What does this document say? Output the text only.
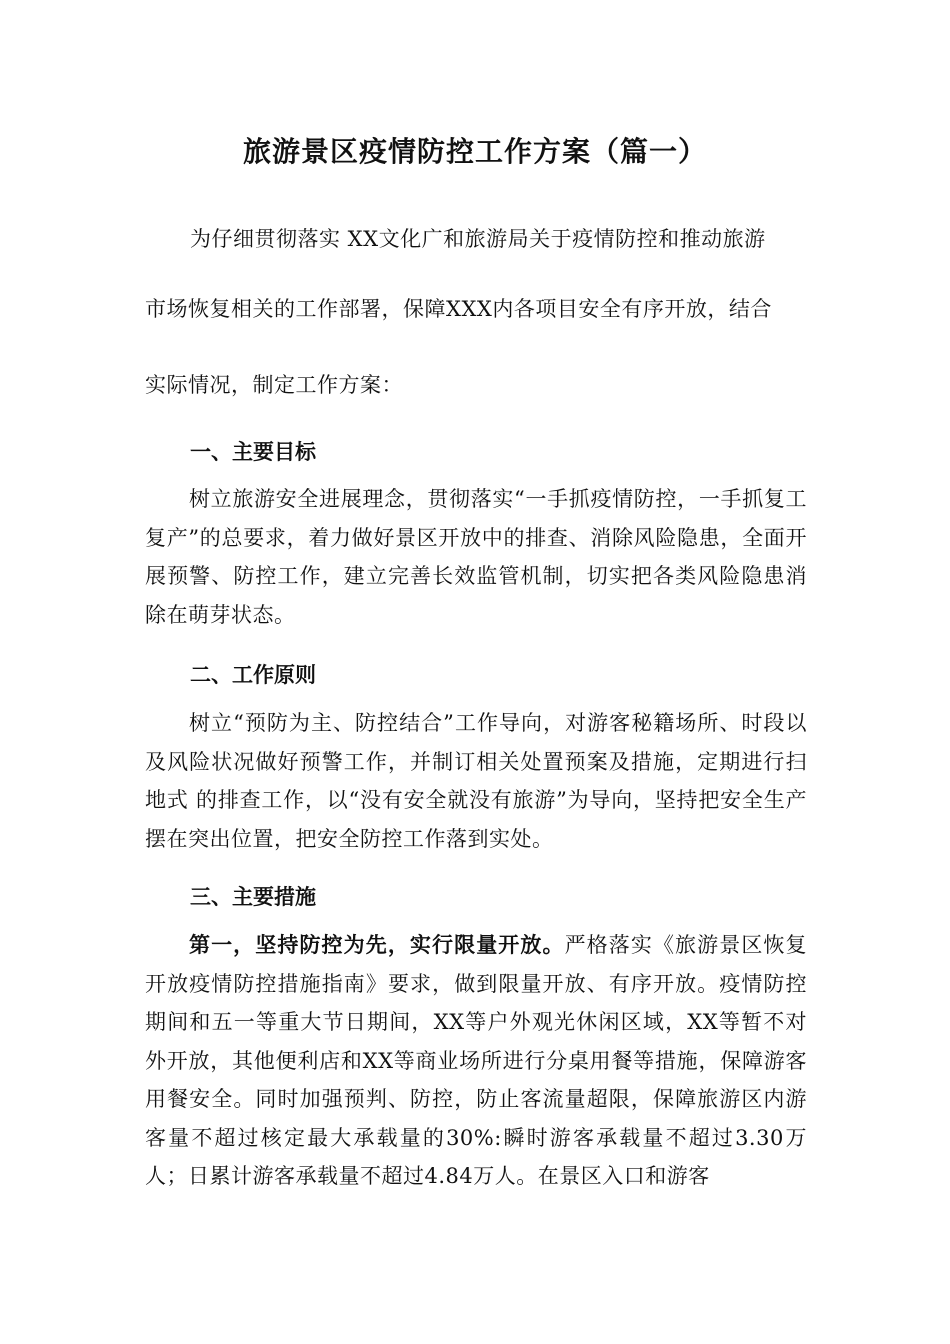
旅游景区疫情防控工作方案（篇一）
为仔细贯彻落实 XX文化广和旅游局关于疫情防控和推动旅游
市场恢复相关的工作部署，保障XXX内各项目安全有序开放，结合
实际情况，制定工作方案：
一、主要目标
树立旅游安全进展理念，贯彻落实“一手抓疫情防控，一手抓复工复产”的总要求，着力做好景区开放中的排查、消除风险隐患，全面开展预警、防控工作，建立完善长效监管机制，切实把各类风险隐患消除在萌芽状态。
二、工作原则
树立“预防为主、防控结合”工作导向，对游客秘籍场所、时段以及风险状况做好预警工作，并制订相关处置预案及措施，定期进行扫地式 的排查工作，以“没有安全就没有旅游”为导向，坚持把安全生产摆在突出位置，把安全防控工作落到实处。
三、主要措施
第一，坚持防控为先，实行限量开放。严格落实《旅游景区恢复开放疫情防控措施指南》要求，做到限量开放、有序开放。疫情防控期间和五一等重大节日期间，XX等户外观光休闲区域，XX等暂不对外开放，其他便利店和XX等商业场所进行分桌用餐等措施，保障游客用餐安全。同时加强预判、防控，防止客流量超限，保障旅游区内游客量不超过核定最大承载量的30%:瞬时游客承载量不超过3.30万人；日累计游客承载量不超过4.84万人。在景区入口和游客
